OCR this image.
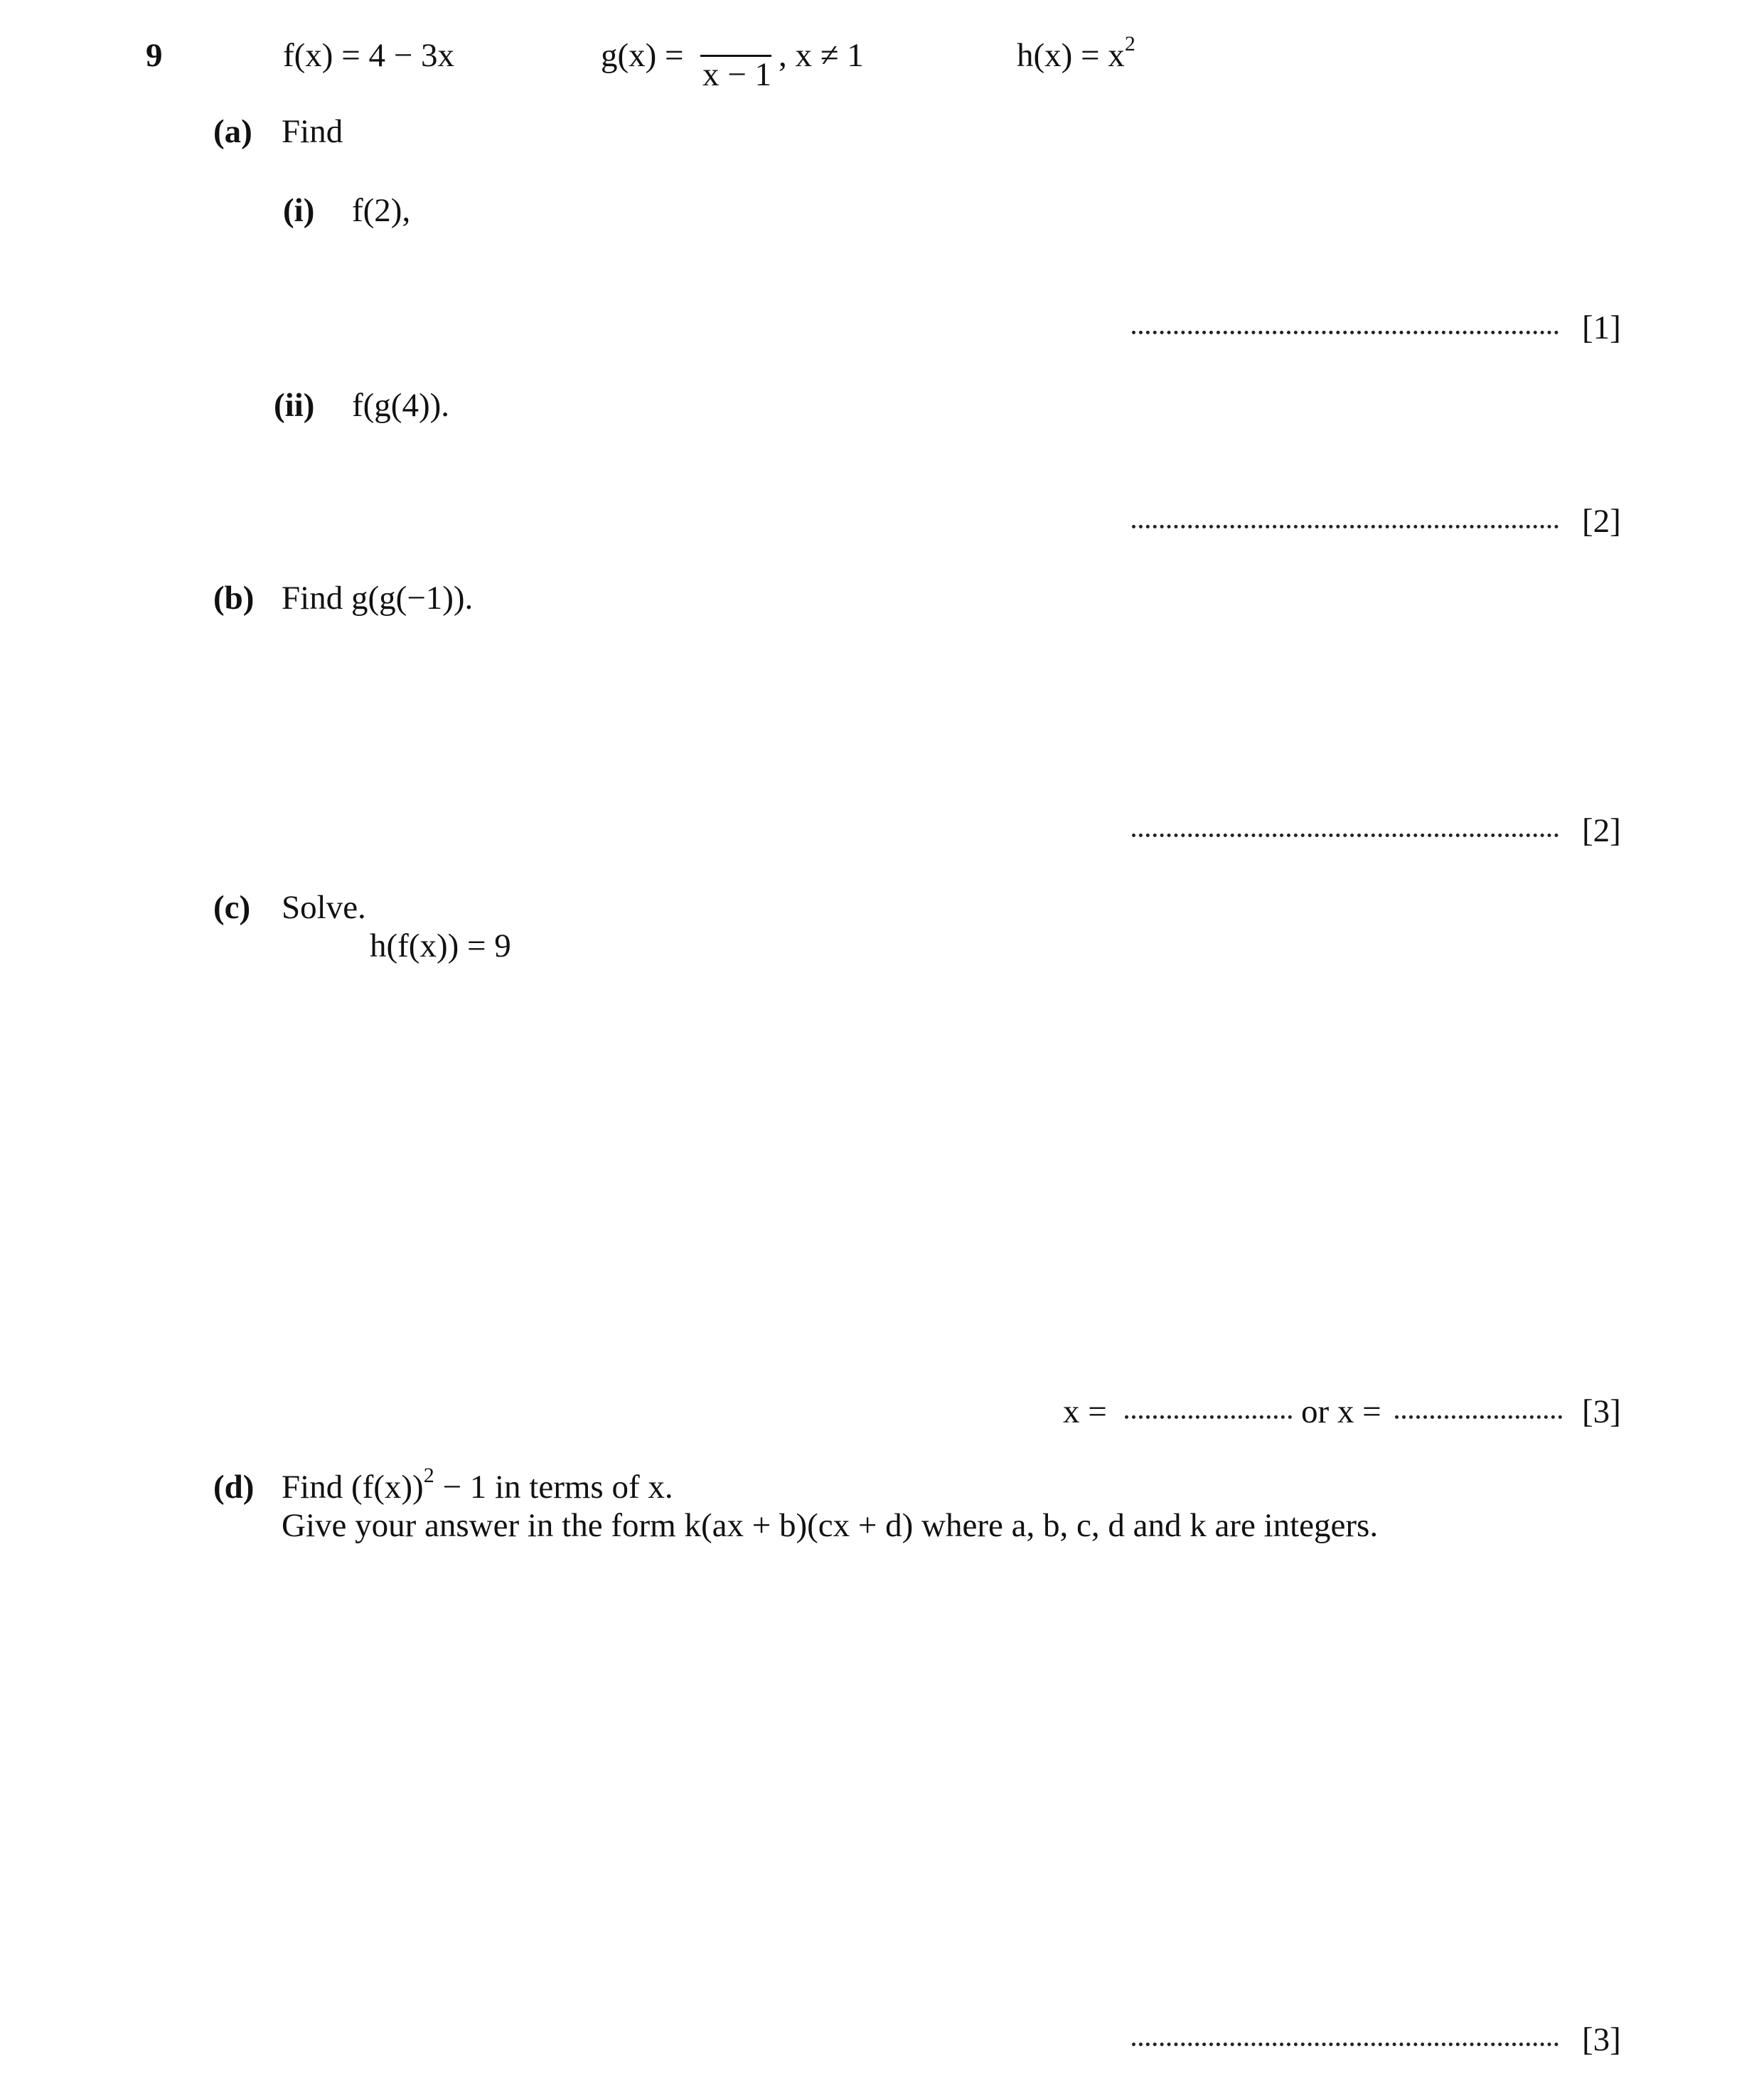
9	f(x) = 4 − 3x	g(x) =
x − 1
, x ≠ 1	$h(x) = x^2$
(a) Find
(i) f(2),
[1]
(ii) f(g(4)).
[2]
(b) Find g(g(−1)).
[2]
(c) Solve.
h(f(x)) = 9
x =	or x =	[3]
(d) Find $(f(x))^2 - 1$ in terms of x.
Give your answer in the form k(ax + b)(cx + d) where a, b, c, d and k are integers.
[3]
